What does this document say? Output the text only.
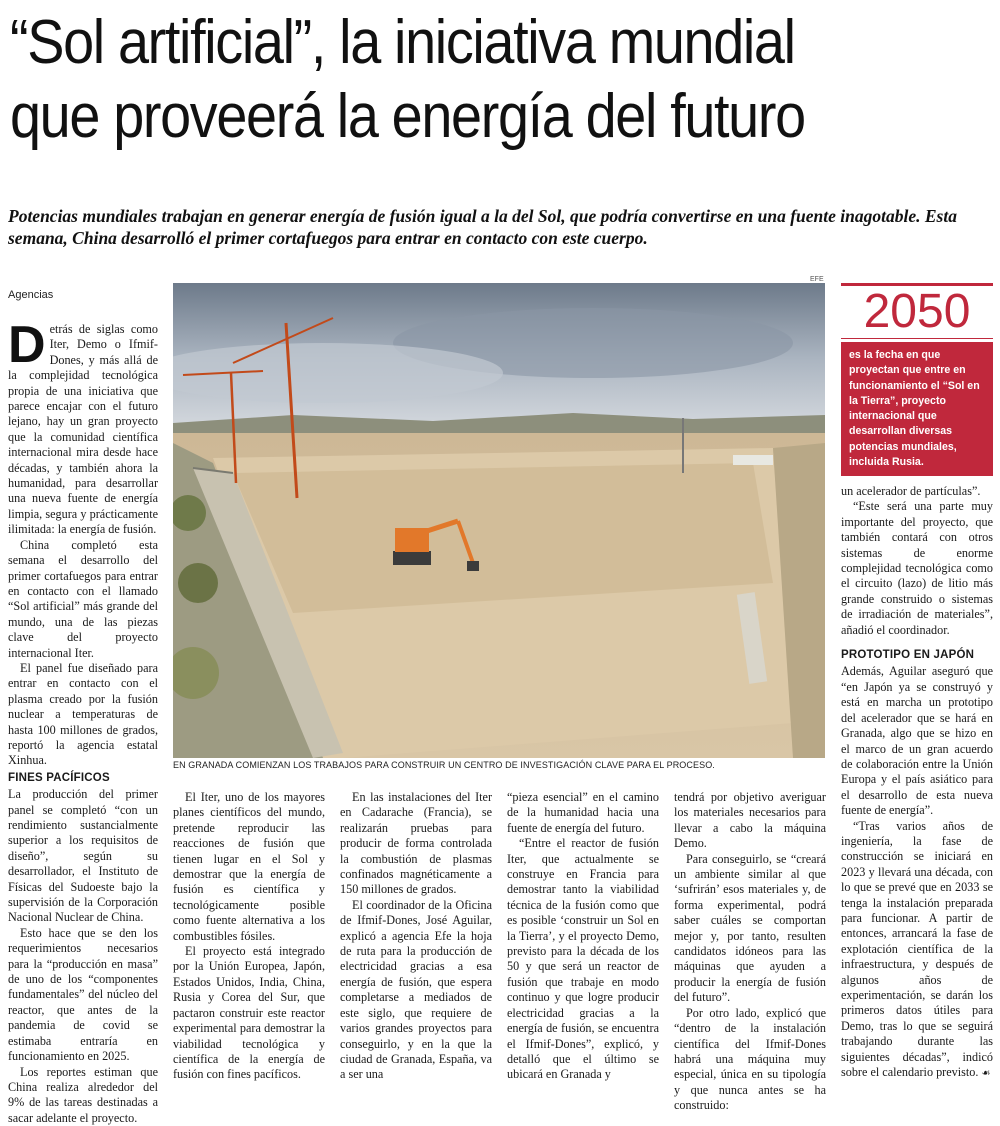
“Sol artificial”, la iniciativa mundial
que proveerá la energía del futuro
Potencias mundiales trabajan en generar energía de fusión igual a la del Sol, que podría convertirse en una fuente inagotable. Esta semana, China desarrolló el primer cortafuegos para entrar en contacto con este cuerpo.
Agencias

Detrás de siglas como Iter, Demo o Ifmif-Dones, y más allá de la complejidad tecnológica propia de una iniciativa que parece encajar con el futuro lejano, hay un gran proyecto que la comunidad científica internacional mira desde hace décadas, y también ahora la humanidad, para desarrollar una nueva fuente de energía limpia, segura y prácticamente ilimitada: la energía de fusión.

China completó esta semana el desarrollo del primer cortafuegos para entrar en contacto con el llamado “Sol artificial” más grande del mundo, una de las piezas clave del proyecto internacional Iter.

El panel fue diseñado para entrar en contacto con el plasma creado por la fusión nuclear a temperaturas de hasta 100 millones de grados, reportó la agencia estatal Xinhua.

FINES PACÍFICOS

La producción del primer panel se completó “con un rendimiento sustancialmente superior a los requisitos de diseño”, según su desarrollador, el Instituto de Físicas del Sudoeste bajo la supervisión de la Corporación Nacional Nuclear de China.

Esto hace que se den los requerimientos necesarios para la “producción en masa” de uno de los “componentes fundamentales” del núcleo del reactor, que antes de la pandemia de covid se estimaba entraría en funcionamiento en 2025.

Los reportes estiman que China realiza alrededor del 9% de las tareas destinadas a sacar adelante el proyecto.

EFE
EN GRANADA COMIENZAN LOS TRABAJOS PARA CONSTRUIR UN CENTRO DE INVESTIGACIÓN CLAVE PARA EL PROCESO.
2050
es la fecha en que proyectan que entre en funcionamiento el “Sol en la Tierra”, proyecto internacional que desarrollan diversas potencias mundiales, incluida Rusia.

El Iter, uno de los mayores planes científicos del mundo, pretende reproducir las reacciones de fusión que tienen lugar en el Sol y demostrar que la energía de fusión es científica y tecnológicamente posible como fuente alternativa a los combustibles fósiles.

El proyecto está integrado por la Unión Europea, Japón, Estados Unidos, India, China, Rusia y Corea del Sur, que pactaron construir este reactor experimental para demostrar la viabilidad tecnológica y científica de la energía de fusión con fines pacíficos.

En las instalaciones del Iter en Cadarache (Francia), se realizarán pruebas para producir de forma controlada la combustión de plasmas confinados magnéticamente a 150 millones de grados.

El coordinador de la Oficina de Ifmif-Dones, José Aguilar, explicó a agencia Efe la hoja de ruta para la producción de electricidad gracias a esa energía de fusión, que espera completarse a mediados de este siglo, que requiere de varios grandes proyectos para conseguirlo, y en la que la ciudad de Granada, España, va a ser una

“pieza esencial” en el camino de la humanidad hacia una fuente de energía del futuro.

“Entre el reactor de fusión Iter, que actualmente se construye en Francia para demostrar tanto la viabilidad técnica de la fusión como que es posible ‘construir un Sol en la Tierra’, y el proyecto Demo, previsto para la década de los 50 y que será un reactor de fusión que trabaje en modo continuo y que logre producir electricidad gracias a la energía de fusión, se encuentra el Ifmif-Dones”, explicó, y detalló que el último se ubicará en Granada y

tendrá por objetivo averiguar los materiales necesarios para llevar a cabo la máquina Demo.

Para conseguirlo, se “creará un ambiente similar al que ‘sufrirán’ esos materiales y, de forma experimental, podrá saber cuáles se comportan mejor y, por tanto, resulten candidatos idóneos para las máquinas que ayuden a producir la energía de fusión del futuro”.

Por otro lado, explicó que “dentro de la instalación científica del Ifmif-Dones habrá una máquina muy especial, única en su tipología y que nunca antes se ha construido:

un acelerador de partículas”.

“Este será una parte muy importante del proyecto, que también contará con otros sistemas de enorme complejidad tecnológica como el circuito (lazo) de litio más grande construido o sistemas de irradiación de materiales”, añadió el coordinador.

PROTOTIPO EN JAPÓN

Además, Aguilar aseguró que “en Japón ya se construyó y está en marcha un prototipo del acelerador que se hará en Granada, algo que se hizo en el marco de un gran acuerdo de colaboración entre la Unión Europa y el país asiático para el desarrollo de esta nueva fuente de energía”.

“Tras varios años de ingeniería, la fase de construcción se iniciará en 2023 y llevará una década, con lo que se prevé que en 2033 se tenga la instalación preparada para funcionar. A partir de entonces, arrancará la fase de explotación científica de la infraestructura, y después de algunos años de experimentación, se darán los primeros datos útiles para Demo, tras lo que se seguirá trabajando durante las siguientes décadas”, indicó sobre el calendario previsto. ☙
